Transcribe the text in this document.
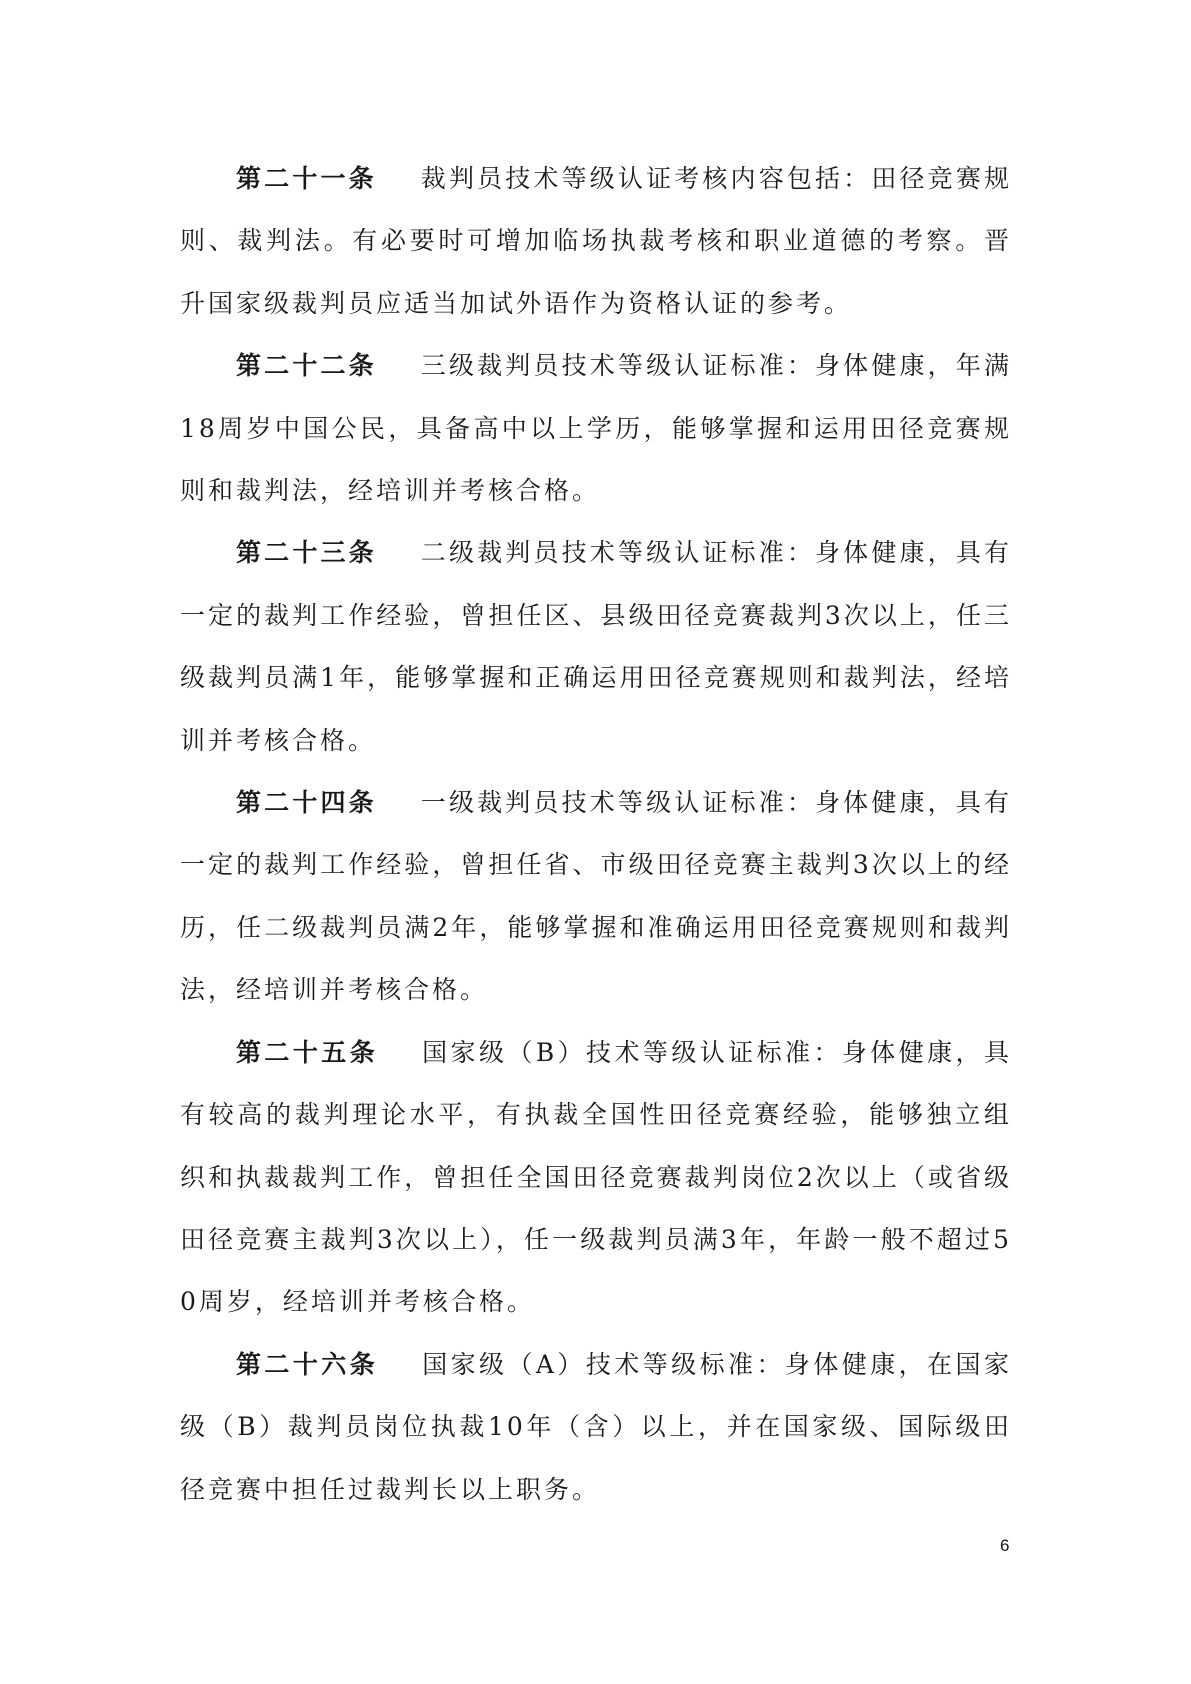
第二十一条 裁判员技术等级认证考核内容包括：田径竞赛规则、裁判法。有必要时可增加临场执裁考核和职业道德的考察。晋升国家级裁判员应适当加试外语作为资格认证的参考。

第二十二条 三级裁判员技术等级认证标准：身体健康，年满18周岁中国公民，具备高中以上学历，能够掌握和运用田径竞赛规则和裁判法，经培训并考核合格。

第二十三条 二级裁判员技术等级认证标准：身体健康，具有一定的裁判工作经验，曾担任区、县级田径竞赛裁判3次以上，任三级裁判员满1年，能够掌握和正确运用田径竞赛规则和裁判法，经培训并考核合格。

第二十四条 一级裁判员技术等级认证标准：身体健康，具有一定的裁判工作经验，曾担任省、市级田径竞赛主裁判3次以上的经历，任二级裁判员满2年，能够掌握和准确运用田径竞赛规则和裁判法，经培训并考核合格。

第二十五条 国家级（B）技术等级认证标准：身体健康，具有较高的裁判理论水平，有执裁全国性田径竞赛经验，能够独立组织和执裁裁判工作，曾担任全国田径竞赛裁判岗位2次以上（或省级田径竞赛主裁判3次以上），任一级裁判员满3年，年龄一般不超过50周岁，经培训并考核合格。

第二十六条 国家级（A）技术等级标准：身体健康，在国家级（B）裁判员岗位执裁10年（含）以上，并在国家级、国际级田径竞赛中担任过裁判长以上职务。

6
